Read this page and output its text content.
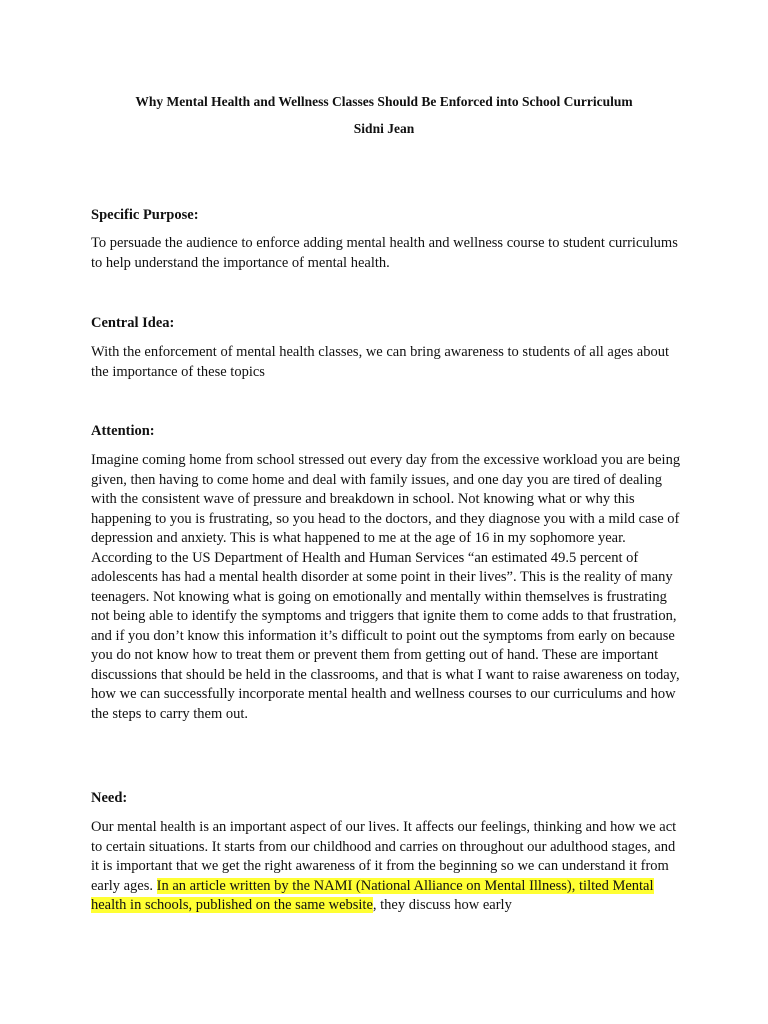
Why Mental Health and Wellness Classes Should Be Enforced into School Curriculum

Sidni Jean

Specific Purpose:

To persuade the audience to enforce adding mental health and wellness course to student curriculums to help understand the importance of mental health.

Central Idea:

With the enforcement of mental health classes, we can bring awareness to students of all ages about the importance of these topics

Attention:

Imagine coming home from school stressed out every day from the excessive workload you are being given, then having to come home and deal with family issues, and one day you are tired of dealing with the consistent wave of pressure and breakdown in school. Not knowing what or why this happening to you is frustrating, so you head to the doctors, and they diagnose you with a mild case of depression and anxiety. This is what happened to me at the age of 16 in my sophomore year. According to the US Department of Health and Human Services “an estimated 49.5 percent of adolescents has had a mental health disorder at some point in their lives”. This is the reality of many teenagers. Not knowing what is going on emotionally and mentally within themselves is frustrating not being able to identify the symptoms and triggers that ignite them to come adds to that frustration, and if you don’t know this information it’s difficult to point out the symptoms from early on because you do not know how to treat them or prevent them from getting out of hand. These are important discussions that should be held in the classrooms, and that is what I want to raise awareness on today, how we can successfully incorporate mental health and wellness courses to our curriculums and how the steps to carry them out.

Need:

Our mental health is an important aspect of our lives. It affects our feelings, thinking and how we act to certain situations. It starts from our childhood and carries on throughout our adulthood stages, and it is important that we get the right awareness of it from the beginning so we can understand it from early ages. In an article written by the NAMI (National Alliance on Mental Illness), tilted Mental health in schools, published on the same website, they discuss how early
